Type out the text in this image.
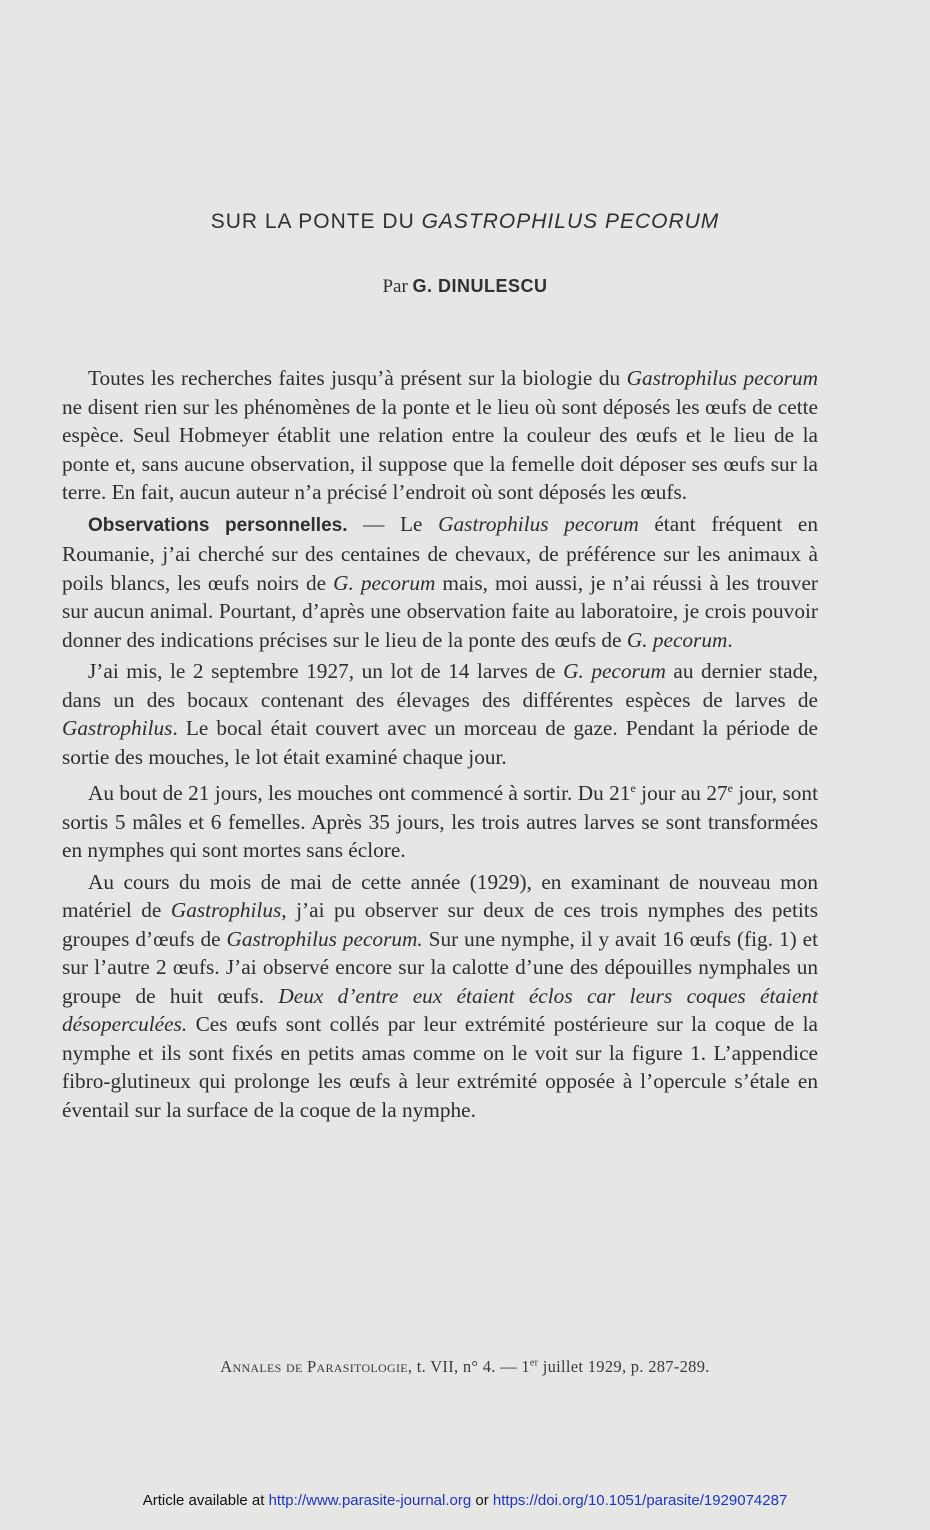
SUR LA PONTE DU GASTROPHILUS PECORUM
Par G. DINULESCU

Toutes les recherches faites jusqu’à présent sur la biologie du Gastrophilus pecorum ne disent rien sur les phénomènes de la ponte et le lieu où sont déposés les œufs de cette espèce. Seul Hobmeyer établit une relation entre la couleur des œufs et le lieu de la ponte et, sans aucune observation, il suppose que la femelle doit déposer ses œufs sur la terre. En fait, aucun auteur n’a précisé l’endroit où sont déposés les œufs.

Observations personnelles. — Le Gastrophilus pecorum étant fréquent en Roumanie, j’ai cherché sur des centaines de chevaux, de préférence sur les animaux à poils blancs, les œufs noirs de G. pecorum mais, moi aussi, je n’ai réussi à les trouver sur aucun animal. Pourtant, d’après une observation faite au laboratoire, je crois pouvoir donner des indications précises sur le lieu de la ponte des œufs de G. pecorum.

J’ai mis, le 2 septembre 1927, un lot de 14 larves de G. pecorum au dernier stade, dans un des bocaux contenant des élevages des différentes espèces de larves de Gastrophilus. Le bocal était couvert avec un morceau de gaze. Pendant la période de sortie des mouches, le lot était examiné chaque jour.

Au bout de 21 jours, les mouches ont commencé à sortir. Du 21e jour au 27e jour, sont sortis 5 mâles et 6 femelles. Après 35 jours, les trois autres larves se sont transformées en nymphes qui sont mortes sans éclore.

Au cours du mois de mai de cette année (1929), en examinant de nouveau mon matériel de Gastrophilus, j’ai pu observer sur deux de ces trois nymphes des petits groupes d’œufs de Gastrophilus pecorum. Sur une nymphe, il y avait 16 œufs (fig. 1) et sur l’autre 2 œufs. J’ai observé encore sur la calotte d’une des dépouilles nymphales un groupe de huit œufs. Deux d’entre eux étaient éclos car leurs coques étaient désoperculées. Ces œufs sont collés par leur extrémité postérieure sur la coque de la nymphe et ils sont fixés en petits amas comme on le voit sur la figure 1. L’appendice fibro-glutineux qui prolonge les œufs à leur extrémité opposée à l’opercule s’étale en éventail sur la surface de la coque de la nymphe.

Annales de Parasitologie, t. VII, n° 4. — 1er juillet 1929, p. 287-289.
Article available at http://www.parasite-journal.org or https://doi.org/10.1051/parasite/1929074287
